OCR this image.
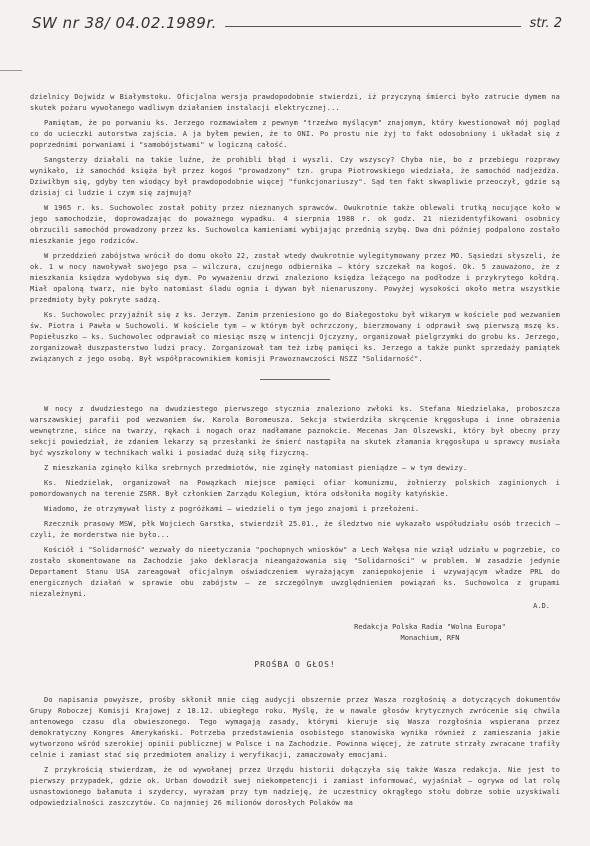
SW nr 38/ 04.02.1989r.	str. 2

dzielnicy Dojwidz w Białymstoku. Oficjalna wersja prawdopodobnie stwierdzi, iż przyczyną śmierci było zatrucie dymem na skutek pożaru wywołanego wadliwym działaniem instalacji elektrycznej...

Pamiętam, że po porwaniu ks. Jerzego rozmawiałem z pewnym "trzeźwo myślącym" znajomym, który kwestionował mój pogląd co do ucieczki autorstwa zajścia. A ja byłem pewien, że to ONI. Po prostu nie żyj to fakt odosobniony i układał się z poprzednimi porwaniami i "samobójstwami" w logiczną całość.

Sangsterzy działali na takie luźne, że prohibli błąd i wyszli. Czy wszyscy? Chyba nie, bo z przebiegu rozprawy wynikało, iż samochód księża był przez kogoś "prowadzony" tzn. grupa Piotrowskiego wiedziała, że samochód nadjeżdża. Dziwiłbym się, gdyby ten wiodący był prawdopodobnie więcej "funkcjonariuszy". Sąd ten fakt skwapliwie przeoczył, gdzie są dzisiaj ci ludzie i czym się zajmują?

W 1965 r. ks. Suchowolec został pobity przez nieznanych sprawców. Owukrotnie także oblewali trutką nocujące koło w jego samochodzie, doprowadzając do poważnego wypadku. 4 sierpnia 1988 r. ok godz. 21 niezidentyfikowani osobnicy obrzucili samochód prowadzony przez ks. Suchowolca kamieniami wybijając przednią szybę. Dwa dni później podpalono zostało mieszkanie jego rodziców.

W przeddzień zabójstwa wrócił do domu około 22, został wtedy dwukrotnie wylegitymowany przez MO. Sąsiedzi słyszeli, że ok. 1 w nocy nawoływał swojego psa – wilczura, czujnego odbiernika – który szczekał na kogoś. Ok. 5 zauważono, że z mieszkania księdza wydobywa się dym. Po wyważeniu drzwi znaleziono księdza leżącego na podłodze i przykrytego kołdrą. Miał opaloną twarz, nie było natomiast śladu ognia i dywan był nienaruszony. Powyżej wysokości około metra wszystkie przedmioty były pokryte sadzą.

Ks. Suchowolec przyjaźnił się z ks. Jerzym. Zanim przeniesiono go do Białegostoku był wikarym w kościele pod wezwaniem św. Piotra i Pawła w Suchowoli. W kościele tym – w którym był ochrzczony, bierzmowany i odprawił swą pierwszą mszę ks. Popiełuszko – ks. Suchowolec odprawiał co miesiąc mszę w intencji Ojczyzny, organizował pielgrzymki do grobu ks. Jerzego, zorganizował duszpasterstwo ludzi pracy. Zorganizował tam też izbę pamięci ks. Jerzego a także punkt sprzedaży pamiątek związanych z jego osobą. Był współpracownikiem komisji Prawoznawczości NSZZ "Solidarność".

W nocy z dwudziestego na dwudziestego pierwszego stycznia znaleziono zwłoki ks. Stefana Niedzielaka, proboszcza warszawskiej parafii pod wezwaniem św. Karola Boromeusza. Sekcja stwierdziła skręcenie kręgosłupa i inne obrażenia wewnętrzne, sińce na twarzy, rękach i nogach oraz nadłamane paznokcie. Mecenas Jan Olszewski, który był obecny przy sekcji powiedział, że zdaniem lekarzy są przesłanki że śmierć nastąpiła na skutek złamania kręgosłupa u sprawcy musiała być wyszkolony w technikach walki i posiadać dużą siłę fizyczną.

Z mieszkania zginęło kilka srebrnych przedmiotów, nie zginęły natomiast pieniądze – w tym dewizy.

Ks. Niedzielak, organizował na Powązkach miejsce pamięci ofiar komunizmu, żołnierzy polskich zaginionych i pomordowanych na terenie ZSRR. Był członkiem Zarządu Kolegium, która odsłoniła mogiły katyńskie.

Wiadomo, że otrzymywał listy z pogróżkami – wiedzieli o tym jego znajomi i przełożeni.

Rzecznik prasowy MSW, płk Wojciech Garstka, stwierdził 25.01., że śledztwo nie wykazało współudziału osób trzecich – czyli, że morderstwa nie było...

Kościół i "Solidarność" wezwały do nieetyczania "pochopnych wniosków" a Lech Wałęsa nie wziął udziału w pogrzebie, co zostało skomentowane na Zachodzie jako deklaracja nieangażowania się "Solidarności" w problem. W zasadzie jedynie Departament Stanu USA zareagował oficjalnym oświadczeniem wyrażającym zaniepokojenie i wzywającym władze PRL do energicznych działań w sprawie obu zabójstw – ze szczególnym uwzględnieniem powiązań ks. Suchowolca z grupami niezależnymi.

A.D.
Redakcja Polska Radia "Wolna Europa"
Monachium, RFN
PROŚBA O GŁOS!

Do napisania powyższe, prośby skłonił mnie ciąg audycji obszernie przez Wasza rozgłośnię a dotyczących dokumentów Grupy Roboczej Komisji Krajowej z 18.12. ubiegłego roku. Myślę, że w nawale głosów krytycznych zwrócenie się chwila antenowego czasu dla obwieszonego. Tego wymagają zasady, którymi kieruje się Wasza rozgłośnia wspierana przez demokratyczny Kongres Amerykański. Potrzeba przedstawienia osobistego stanowiska wynika również z zamieszania jakie wytworzono wśród szerokiej opinii publicznej w Polsce i na Zachodzie. Powinna więcej, że zatrute strzały zwracane trafiły celnie i zamiast stać się przedmiotem analizy i weryfikacji, zamaczowały emocjami.

Z przykrością stwierdzam, że od wywołanej przez Urzędu historii dołączyła się także Wasza redakcja. Nie jest to pierwszy przypadek, gdzie ok. Urban dowodził swej niekompetencji i zamiast informować, wyjaśniał – ogrywa od lat rolę usnastowionego bałamuta i szydercy, wyrażam przy tym nadzieję, że uczestnicy okrągłego stołu dobrze sobie uzyskiwali odpowiedzialności zaszczytów. Co najmniej 26 milionów dorosłych Polaków ma
